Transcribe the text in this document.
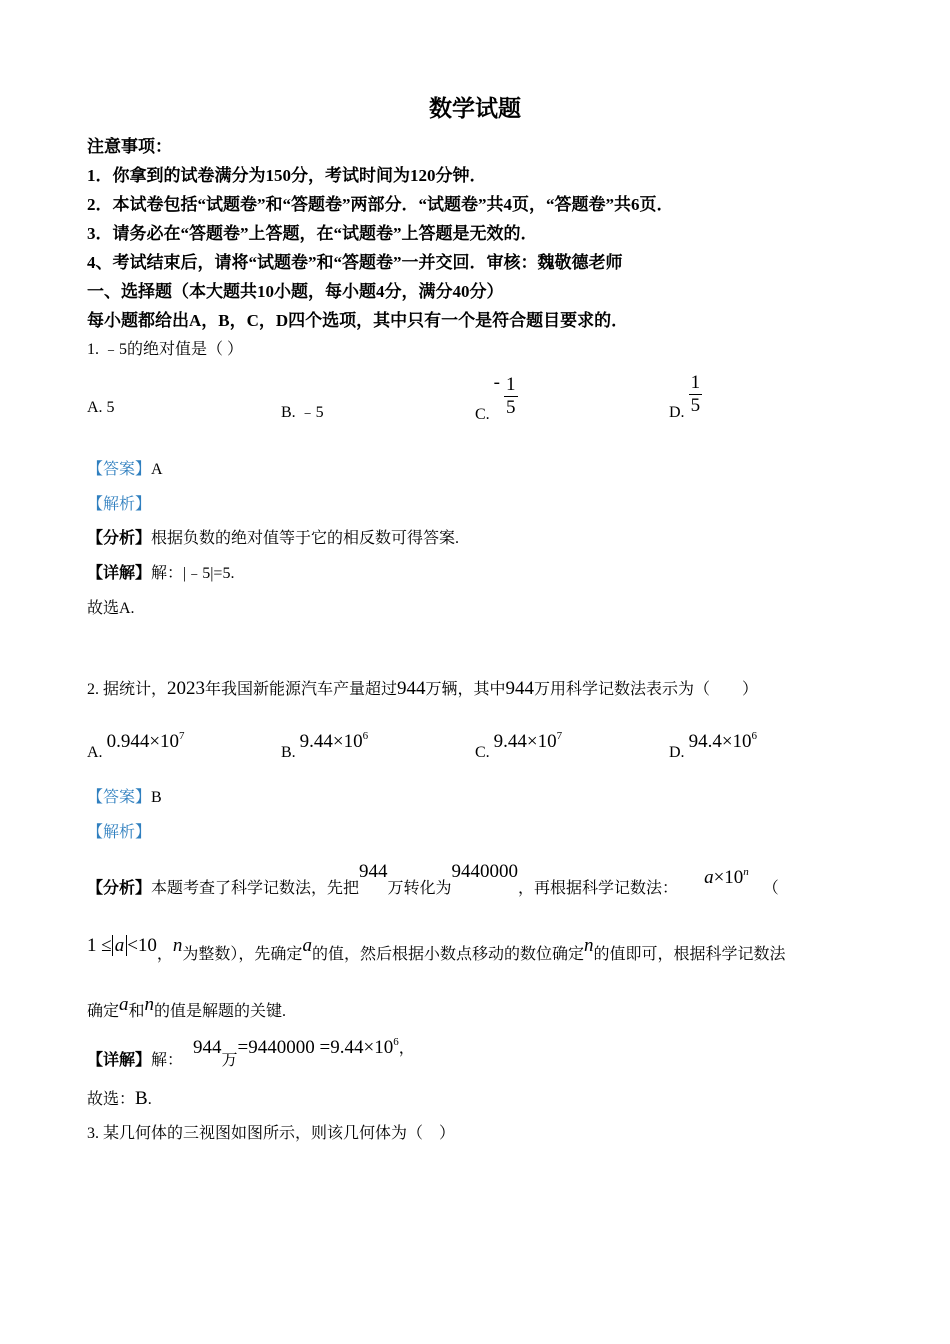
数学试题
注意事项：
1．你拿到的试卷满分为150分，考试时间为120分钟．
2．本试卷包括“试题卷”和“答题卷”两部分．“试题卷”共4页，“答题卷”共6页．
3．请务必在“答题卷”上答题，在“试题卷”上答题是无效的．
4、考试结束后，请将“试题卷”和“答题卷”一并交回．审核：魏敬德老师
一、选择题（本大题共10小题，每小题4分，满分40分）
每小题都给出A，B，C，D四个选项，其中只有一个是符合题目要求的．
1. ﹣5的绝对值是（ ）
A. 5	B. ﹣5	C. - $\frac{1}{5}$	D. $\frac{1}{5}$
【答案】A
【解析】
【分析】根据负数的绝对值等于它的相反数可得答案.
【详解】解：|﹣5|=5.
故选A.
2. 据统计，2023年我国新能源汽车产量超过944万辆，其中944万用科学记数法表示为（　　）
A. $0.944\times 10^7$
B. $9.44\times 10^6$
C. $9.44\times 10^7$
D. $94.4\times 10^6$
【答案】B
【解析】
【分析】本题考查了科学记数法，先把944万转化为9440000，再根据科学记数法： $a\times 10^n$（
1 ≤ a <10，n为整数），先确定a的值，然后根据小数点移动的数位确定n的值即可，根据科学记数法
确定a和n的值是解题的关键.
【详解】解：944万$=9440000 =9.44\times 10^6$，
故选：B.
3. 某几何体的三视图如图所示，则该几何体为（　）
